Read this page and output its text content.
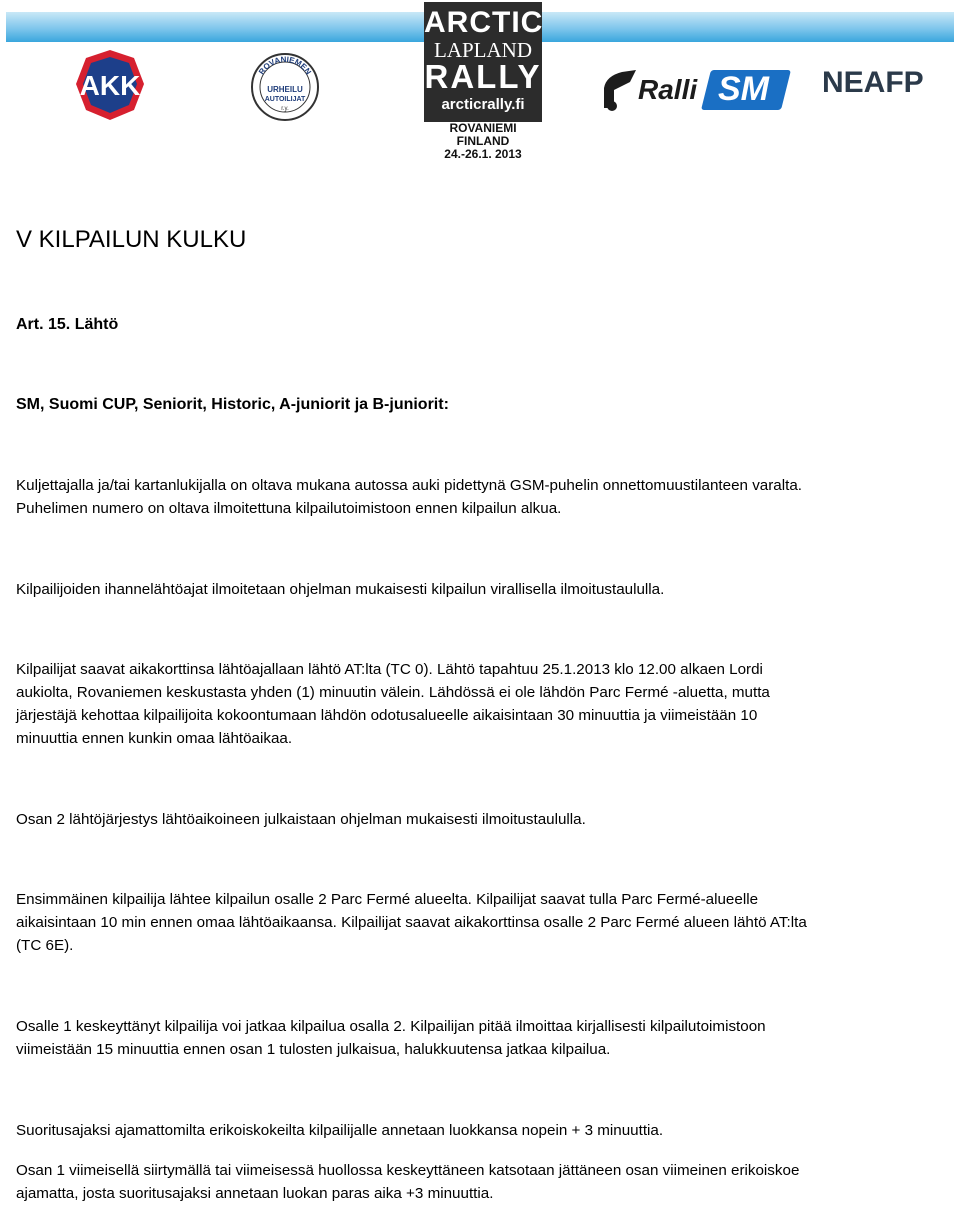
AKK	ROVANIEMEN
URHEILU
AUTOILIJAT
r.y.
ARCTIC
LAPLAND
RALLY
arcticrally.fi
ROVANIEMI FINLAND
24.-26.1. 2013
Ralli SM NEAFP
V KILPAILUN KULKU
Art. 15. Lähtö
SM, Suomi CUP, Seniorit, Historic, A-juniorit ja B-juniorit:
Kuljettajalla ja/tai kartanlukijalla on oltava mukana autossa auki pidettynä GSM-puhelin onnettomuustilanteen varalta.
Puhelimen numero on oltava ilmoitettuna kilpailutoimistoon ennen kilpailun alkua.
Kilpailijoiden ihannelähtöajat ilmoitetaan ohjelman mukaisesti kilpailun virallisella ilmoitustaululla.
Kilpailijat saavat aikakorttinsa lähtöajallaan lähtö AT:lta (TC 0). Lähtö tapahtuu 25.1.2013 klo 12.00 alkaen Lordi
aukiolta, Rovaniemen keskustasta yhden (1) minuutin välein. Lähdössä ei ole lähdön Parc Fermé -aluetta, mutta
järjestäjä kehottaa kilpailijoita kokoontumaan lähdön odotusalueelle aikaisintaan 30 minuuttia ja viimeistään 10
minuuttia ennen kunkin omaa lähtöaikaa.
Osan 2 lähtöjärjestys lähtöaikoineen julkaistaan ohjelman mukaisesti ilmoitustaululla.
Ensimmäinen kilpailija lähtee kilpailun osalle 2 Parc Fermé alueelta. Kilpailijat saavat tulla Parc Fermé-alueelle
aikaisintaan 10 min ennen omaa lähtöaikaansa. Kilpailijat saavat aikakorttinsa osalle 2 Parc Fermé alueen lähtö AT:lta
(TC 6E).
Osalle 1 keskeyttänyt kilpailija voi jatkaa kilpailua osalla 2. Kilpailijan pitää ilmoittaa kirjallisesti kilpailutoimistoon
viimeistään 15 minuuttia ennen osan 1 tulosten julkaisua, halukkuutensa jatkaa kilpailua.
Suoritusajaksi ajamattomilta erikoiskokeilta kilpailijalle annetaan luokkansa nopein + 3 minuuttia.
Osan 1 viimeisellä siirtymällä tai viimeisessä huollossa keskeyttäneen katsotaan jättäneen osan viimeinen erikoiskoe
ajamatta, josta suoritusajaksi annetaan luokan paras aika +3 minuuttia.
